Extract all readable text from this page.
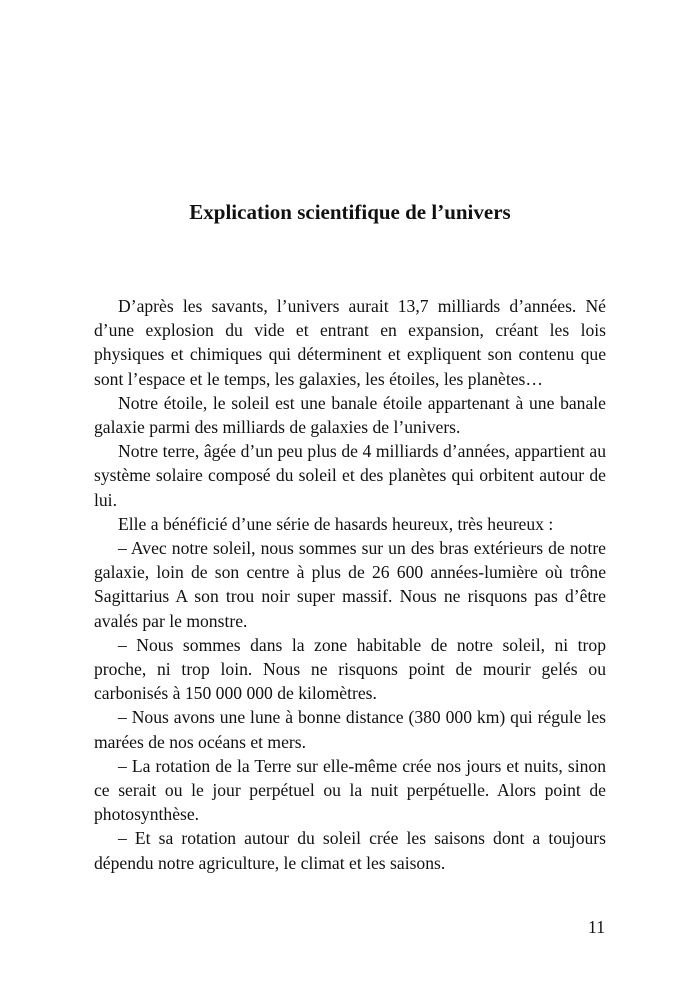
Explication scientifique de l’univers

D’après les savants, l’univers aurait 13,7 milliards d’années. Né d’une explosion du vide et entrant en expansion, créant les lois physiques et chimiques qui déterminent et expliquent son contenu que sont l’espace et le temps, les galaxies, les étoiles, les planètes…

Notre étoile, le soleil est une banale étoile appartenant à une banale galaxie parmi des milliards de galaxies de l’univers.

Notre terre, âgée d’un peu plus de 4 milliards d’années, appartient au système solaire composé du soleil et des planètes qui orbitent autour de lui.

Elle a bénéficié d’une série de hasards heureux, très heureux :

– Avec notre soleil, nous sommes sur un des bras extérieurs de notre galaxie, loin de son centre à plus de 26 600 années-lumière où trône Sagittarius A son trou noir super massif. Nous ne risquons pas d’être avalés par le monstre.

– Nous sommes dans la zone habitable de notre soleil, ni trop proche, ni trop loin. Nous ne risquons point de mourir gelés ou carbonisés à 150 000 000 de kilomètres.

– Nous avons une lune à bonne distance (380 000 km) qui régule les marées de nos océans et mers.

– La rotation de la Terre sur elle-même crée nos jours et nuits, sinon ce serait ou le jour perpétuel ou la nuit perpétuelle. Alors point de photosynthèse.

– Et sa rotation autour du soleil crée les saisons dont a toujours dépendu notre agriculture, le climat et les saisons.

11
